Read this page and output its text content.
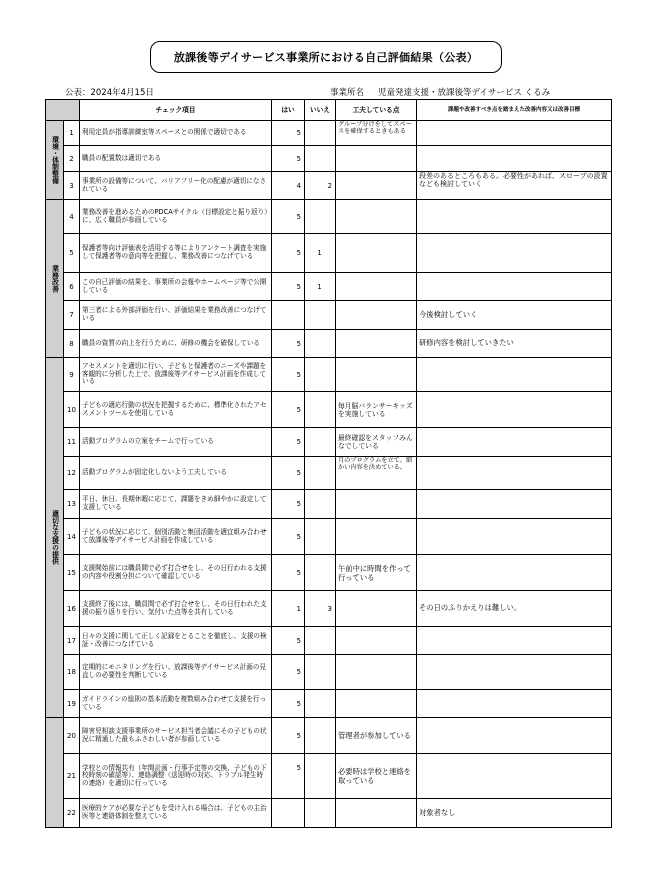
放課後等デイサービス事業所における自己評価結果（公表）
公表：2024年4月15日	事業所名 児童発達支援・放課後等デイサービス くるみ
		チェック項目	はい	いいえ	工夫している点	課題や改善すべき点を踏まえた改善内容又は改善目標

環境・体制整備	1	利用定員が指導訓練室等スペースとの関係で適切である	5		グループ分けをしてスペースを確保するときもある	
	2	職員の配置数は適切である	5			
	3	事業所の設備等について、バリアフリー化の配慮が適切になされている	4	2		段差のあるところもある。必要性があれば、スロープの設置なども検討していく

業務改善	4	業務改善を進めるためのPDCAサイクル（目標設定と振り返り）に、広く職員が参画している	5			
	5	保護者等向け評価表を活用する等によりアンケート調査を実施して保護者等の意向等を把握し、業務改善につなげている	5	1		
	6	この自己評価の結果を、事業所の会報やホームページ等で公開している	5	1		
	7	第三者による外部評価を行い、評価結果を業務改善につなげている				今後検討していく
	8	職員の資質の向上を行うために、研修の機会を確保している	5			研修内容を検討していきたい

適切な支援の提供	9	アセスメントを適切に行い、子どもと保護者のニーズや課題を客観的に分析した上で、放課後等デイサービス計画を作成している	5			
	10	子どもの適応行動の状況を把握するために、標準化されたアセスメントツールを使用している	5		毎月脳バランサーキッズを実施している	
	11	活動プログラムの立案をチームで行っている	5		最終確認をスタッフみんなでしている	
	12	活動プログラムが固定化しないよう工夫している	5		月のプログラムを立て、細かい内容を決めている。	
	13	平日、休日、長期休暇に応じて、課題をきめ細やかに設定して支援している	5			
	14	子どもの状況に応じて、個別活動と集団活動を適宜組み合わせて放課後等デイサービス計画を作成している	5			
	15	支援開始前には職員間で必ず打合せをし、その日行われる支援の内容や役割分担について確認している	5		午前中に時間を作って行っている	
	16	支援終了後には、職員間で必ず打合せをし、その日行われた支援の振り返りを行い、気付いた点等を共有している	1	3		その日のふりかえりは難しい。
	17	日々の支援に関して正しく記録をとることを徹底し、支援の検証・改善につなげている	5			
	18	定期的にモニタリングを行い、放課後等デイサービス計画の見直しの必要性を判断している	5			
	19	ガイドラインの総則の基本活動を複数組み合わせて支援を行っている	5			

	20	障害児相談支援事業所のサービス担当者会議にその子どもの状況に精通した最もふさわしい者が参画している	5		管理者が参加している	
	21	学校との情報共有（年間計画・行事予定等の交換、子どもの下校時刻の確認等）、連絡調整（送迎時の対応、トラブル発生時の連絡）を適切に行っている	5		必要時は学校と連絡を取っている	
	22	医療的ケアが必要な子どもを受け入れる場合は、子どもの主治医等と連絡体制を整えている				対象者なし
